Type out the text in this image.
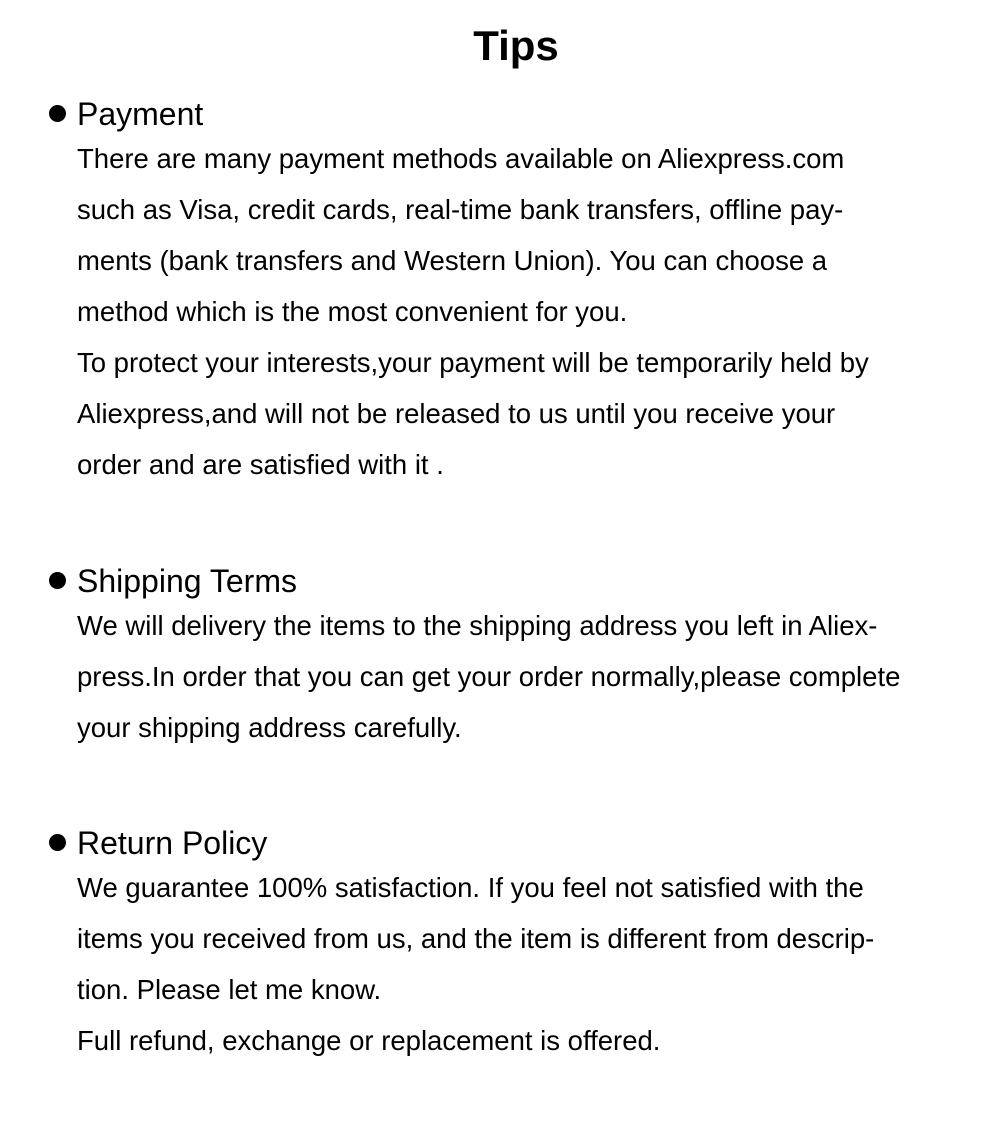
Tips
Payment
There are many payment methods available on Aliexpress.com
such as Visa, credit cards, real-time bank transfers, offline pay-
ments (bank transfers and Western Union). You can choose a
method which is the most convenient for you.
To protect your interests,your payment will be temporarily held by
Aliexpress,and will not be released to us until you receive your
order and are satisfied with it .
Shipping Terms
We will delivery the items to the shipping address you left in Aliex-
press.In order that you can get your order normally,please complete
your shipping address carefully.
Return Policy
We guarantee 100% satisfaction. If you feel not satisfied with the
items you received from us, and the item is different from descrip-
tion. Please let me know.
Full refund, exchange or replacement is offered.
